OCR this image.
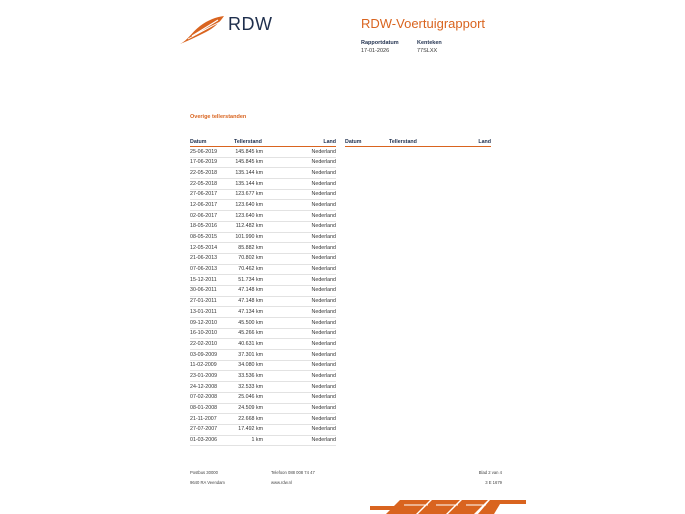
RDW	RDW-Voertuigrapport
Rapportdatum
17-01-2026
Kenteken
77SLXX
Overige tellerstanden
Datum	Tellerstand	Land
25-06-2019	145.845 km	Nederland
17-06-2019	145.845 km	Nederland
22-05-2018	135.144 km	Nederland
22-05-2018	135.144 km	Nederland
27-06-2017	123.677 km	Nederland
12-06-2017	123.640 km	Nederland
02-06-2017	123.640 km	Nederland
18-05-2016	112.482 km	Nederland
08-05-2015	101.990 km	Nederland
12-05-2014	85.882 km	Nederland
21-06-2013	70.802 km	Nederland
07-06-2013	70.462 km	Nederland
15-12-2011	51.734 km	Nederland
30-06-2011	47.148 km	Nederland
27-01-2011	47.148 km	Nederland
13-01-2011	47.134 km	Nederland
09-12-2010	45.500 km	Nederland
16-10-2010	45.266 km	Nederland
22-02-2010	40.631 km	Nederland
03-09-2009	37.301 km	Nederland
11-02-2009	34.080 km	Nederland
23-01-2009	33.536 km	Nederland
24-12-2008	32.533 km	Nederland
07-02-2008	25.046 km	Nederland
08-01-2008	24.509 km	Nederland
21-11-2007	22.668 km	Nederland
27-07-2007	17.492 km	Nederland
01-03-2006	1 km	Nederland
Datum	Tellerstand	Land
Postbus 30000
9640 RA Veendam
Telefoon 088 008 74 47
www.rdw.nl
Blad 2 van 4
3 E 1679
